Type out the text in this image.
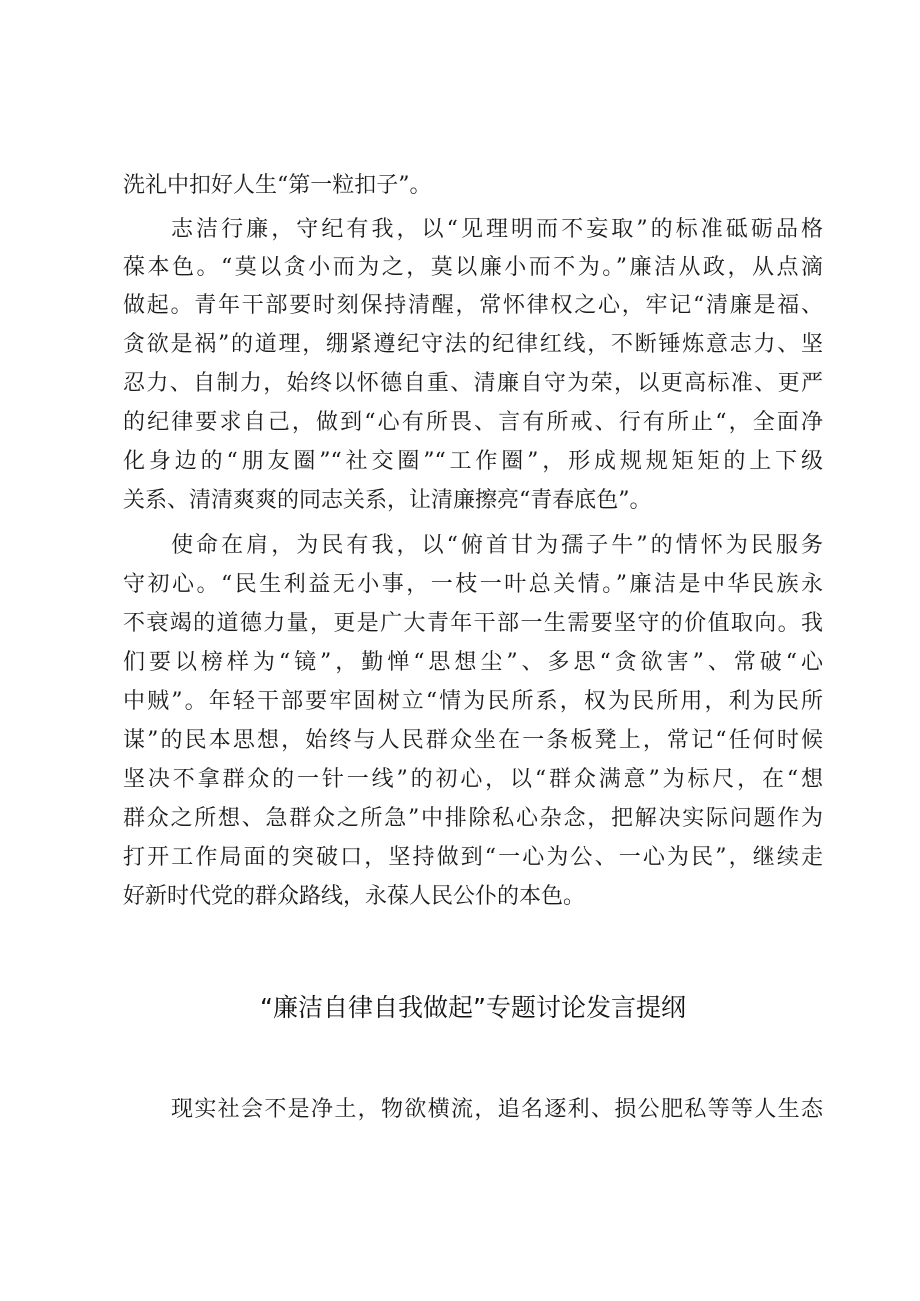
洗礼中扣好人生“第一粒扣子”。
志洁行廉，守纪有我，以“见理明而不妄取”的标准砥砺品格
葆本色。“莫以贪小而为之，莫以廉小而不为。”廉洁从政，从点滴
做起。青年干部要时刻保持清醒，常怀律权之心，牢记“清廉是福、
贪欲是祸”的道理，绷紧遵纪守法的纪律红线，不断锤炼意志力、坚
忍力、自制力，始终以怀德自重、清廉自守为荣，以更高标准、更严
的纪律要求自己，做到“心有所畏、言有所戒、行有所止“，全面净
化身边的“朋友圈”“社交圈”“工作圈”，形成规规矩矩的上下级
关系、清清爽爽的同志关系，让清廉擦亮“青春底色”。
使命在肩，为民有我，以“俯首甘为孺子牛”的情怀为民服务
守初心。“民生利益无小事，一枝一叶总关情。”廉洁是中华民族永
不衰竭的道德力量，更是广大青年干部一生需要坚守的价值取向。我
们要以榜样为“镜”，勤惮“思想尘”、多思“贪欲害”、常破“心
中贼”。年轻干部要牢固树立“情为民所系，权为民所用，利为民所
谋”的民本思想，始终与人民群众坐在一条板凳上，常记“任何时候
坚决不拿群众的一针一线”的初心，以“群众满意”为标尺，在“想
群众之所想、急群众之所急”中排除私心杂念，把解决实际问题作为
打开工作局面的突破口，坚持做到“一心为公、一心为民”，继续走
好新时代党的群众路线，永葆人民公仆的本色。
“廉洁自律自我做起”专题讨论发言提纲
现实社会不是净土，物欲横流，追名逐利、损公肥私等等人生态
